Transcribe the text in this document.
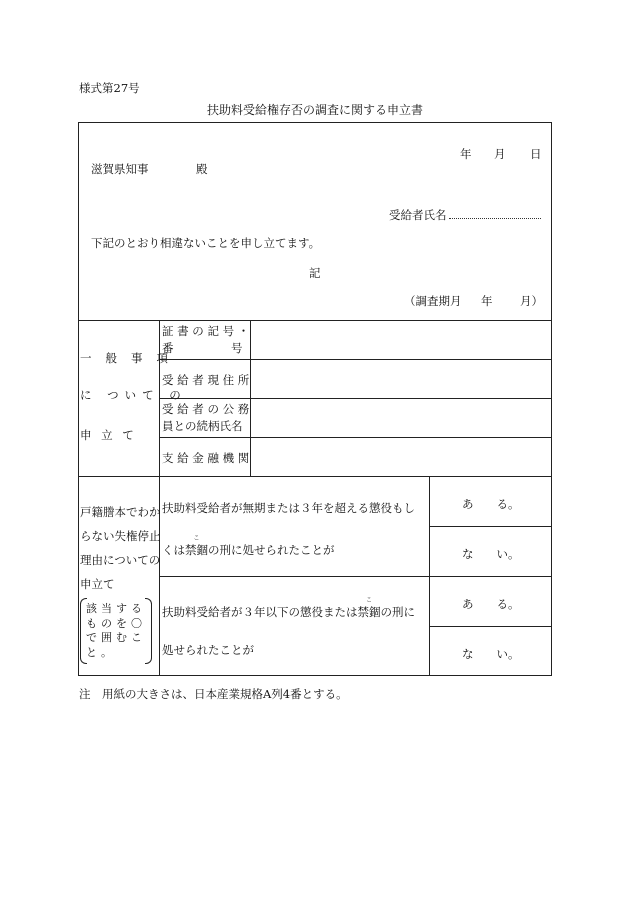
様式第27号
扶助料受給権存否の調査に関する申立書
年 月 日
滋賀県知事	殿
受給者氏名
下記のとおり相違ないことを申し立てます。
記
（調査期月 年 月）
一 般 事 項
に ついて の
申 立 て
証 書 の 記 号 ・
番　　　　　号
受 給 者 現 住 所
受 給 者 の 公 務
員との続柄氏名
支 給 金 融 機 関
戸籍謄本でわか
らない失権停止
理由についての
申立て
該当する
ものを〇
で囲むこ
と。
扶助料受給者が無期または３年を超える懲役もし
くは禁錮
こ
の刑に処せられたことが
扶助料受給者が３年以下の懲役または禁錮
こ
の刑に
処せられたことが
あ　　る。
な　　い。
あ　　る。
な　　い。
注　用紙の大きさは、日本産業規格A列4番とする。
